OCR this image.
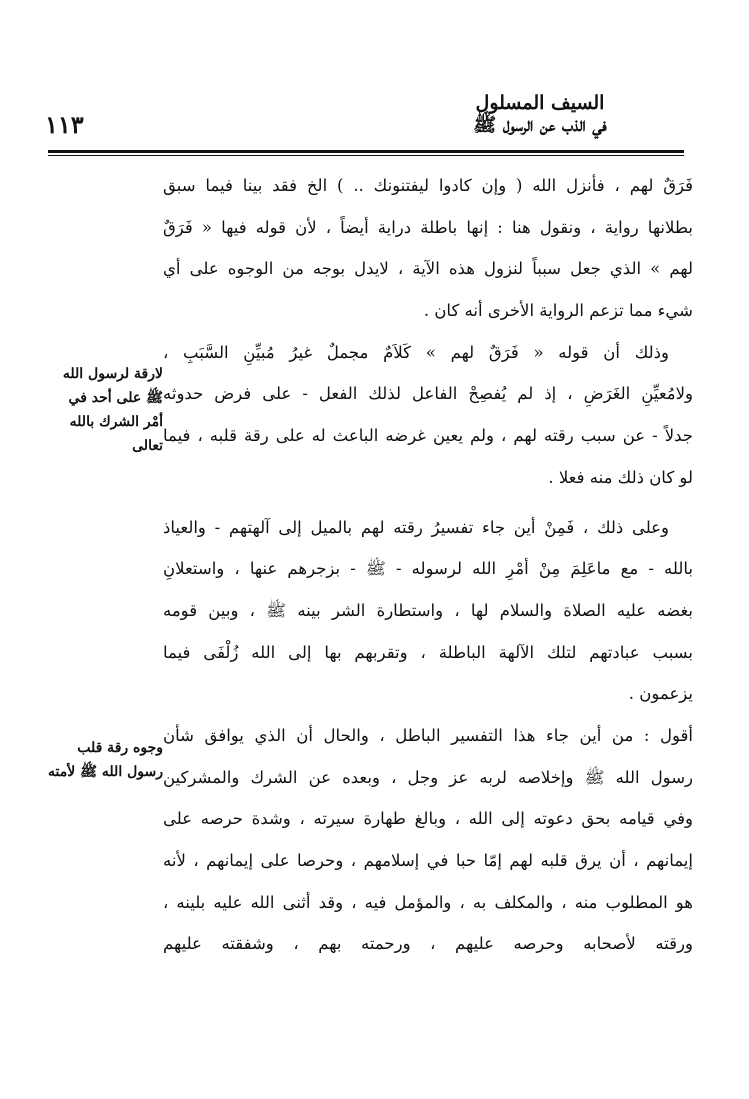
١١٣
السيف المسلول
في الذب عن الرسول ﷺ
فَرَقٌ لهم ، فأنزل الله ( وإن كادوا ليفتنونك .. ) الخ فقد بينا فيما سبق
بطلانها رواية ، ونقول هنا : إنها باطلة دراية أيضاً ، لأن قوله فيها « فَرَقٌ
لهم » الذي جعل سبباً لنزول هذه الآية ، لايدل بوجه من الوجوه على أي
شيء مما تزعم الرواية الأخرى أنه كان .
وذلك أن قوله « فَرَقٌ لهم » كَلاَمٌ مجملٌ غيرُ مُبيِّنِ السَّبَبِ ،
ولامُعيِّنِ الغَرَضِ ، إذ لم يُفصِحْ الفاعل لذلك الفعل - على فرض حدوثه
جدلاً - عن سبب رقته لهم ، ولم يعين غرضه الباعث له على رقة قلبه ، فيما
لو كان ذلك منه فعلا .
وعلى ذلك ، فَمِنْ أين جاء تفسيرُ رقته لهم بالميل إلى آلهتهم - والعياذ
بالله - مع ماعَلِمَ مِنْ أمْرِ الله لرسوله - ﷺ - بزجرهم عنها ، واستعلانِ
بغضه عليه الصلاة والسلام لها ، واستطارة الشر بينه ﷺ ، وبين قومه
بسبب عبادتهم لتلك الآلهة الباطلة ، وتقربهم بها إلى الله زُلْفَى فيما
يزعمون .
أقول : من أين جاء هذا التفسير الباطل ، والحال أن الذي يوافق شأن
رسول الله ﷺ وإخلاصه لربه عز وجل ، وبعده عن الشرك والمشركين
وفي قيامه بحق دعوته إلى الله ، وبالغ طهارة سيرته ، وشدة حرصه على
إيمانهم ، أن يرق قلبه لهم إمّا حبا في إسلامهم ، وحرصا على إيمانهم ، لأنه
هو المطلوب منه ، والمكلف به ، والمؤمل فيه ، وقد أثنى الله عليه بلينه ،
ورقته لأصحابه وحرصه عليهم ، ورحمته بهم ، وشفقته عليهم
لارقة لرسول الله ﷺ على أحد في أمْر الشرك بالله تعالى
وجوه رقة قلب رسول الله ﷺ لأمته
